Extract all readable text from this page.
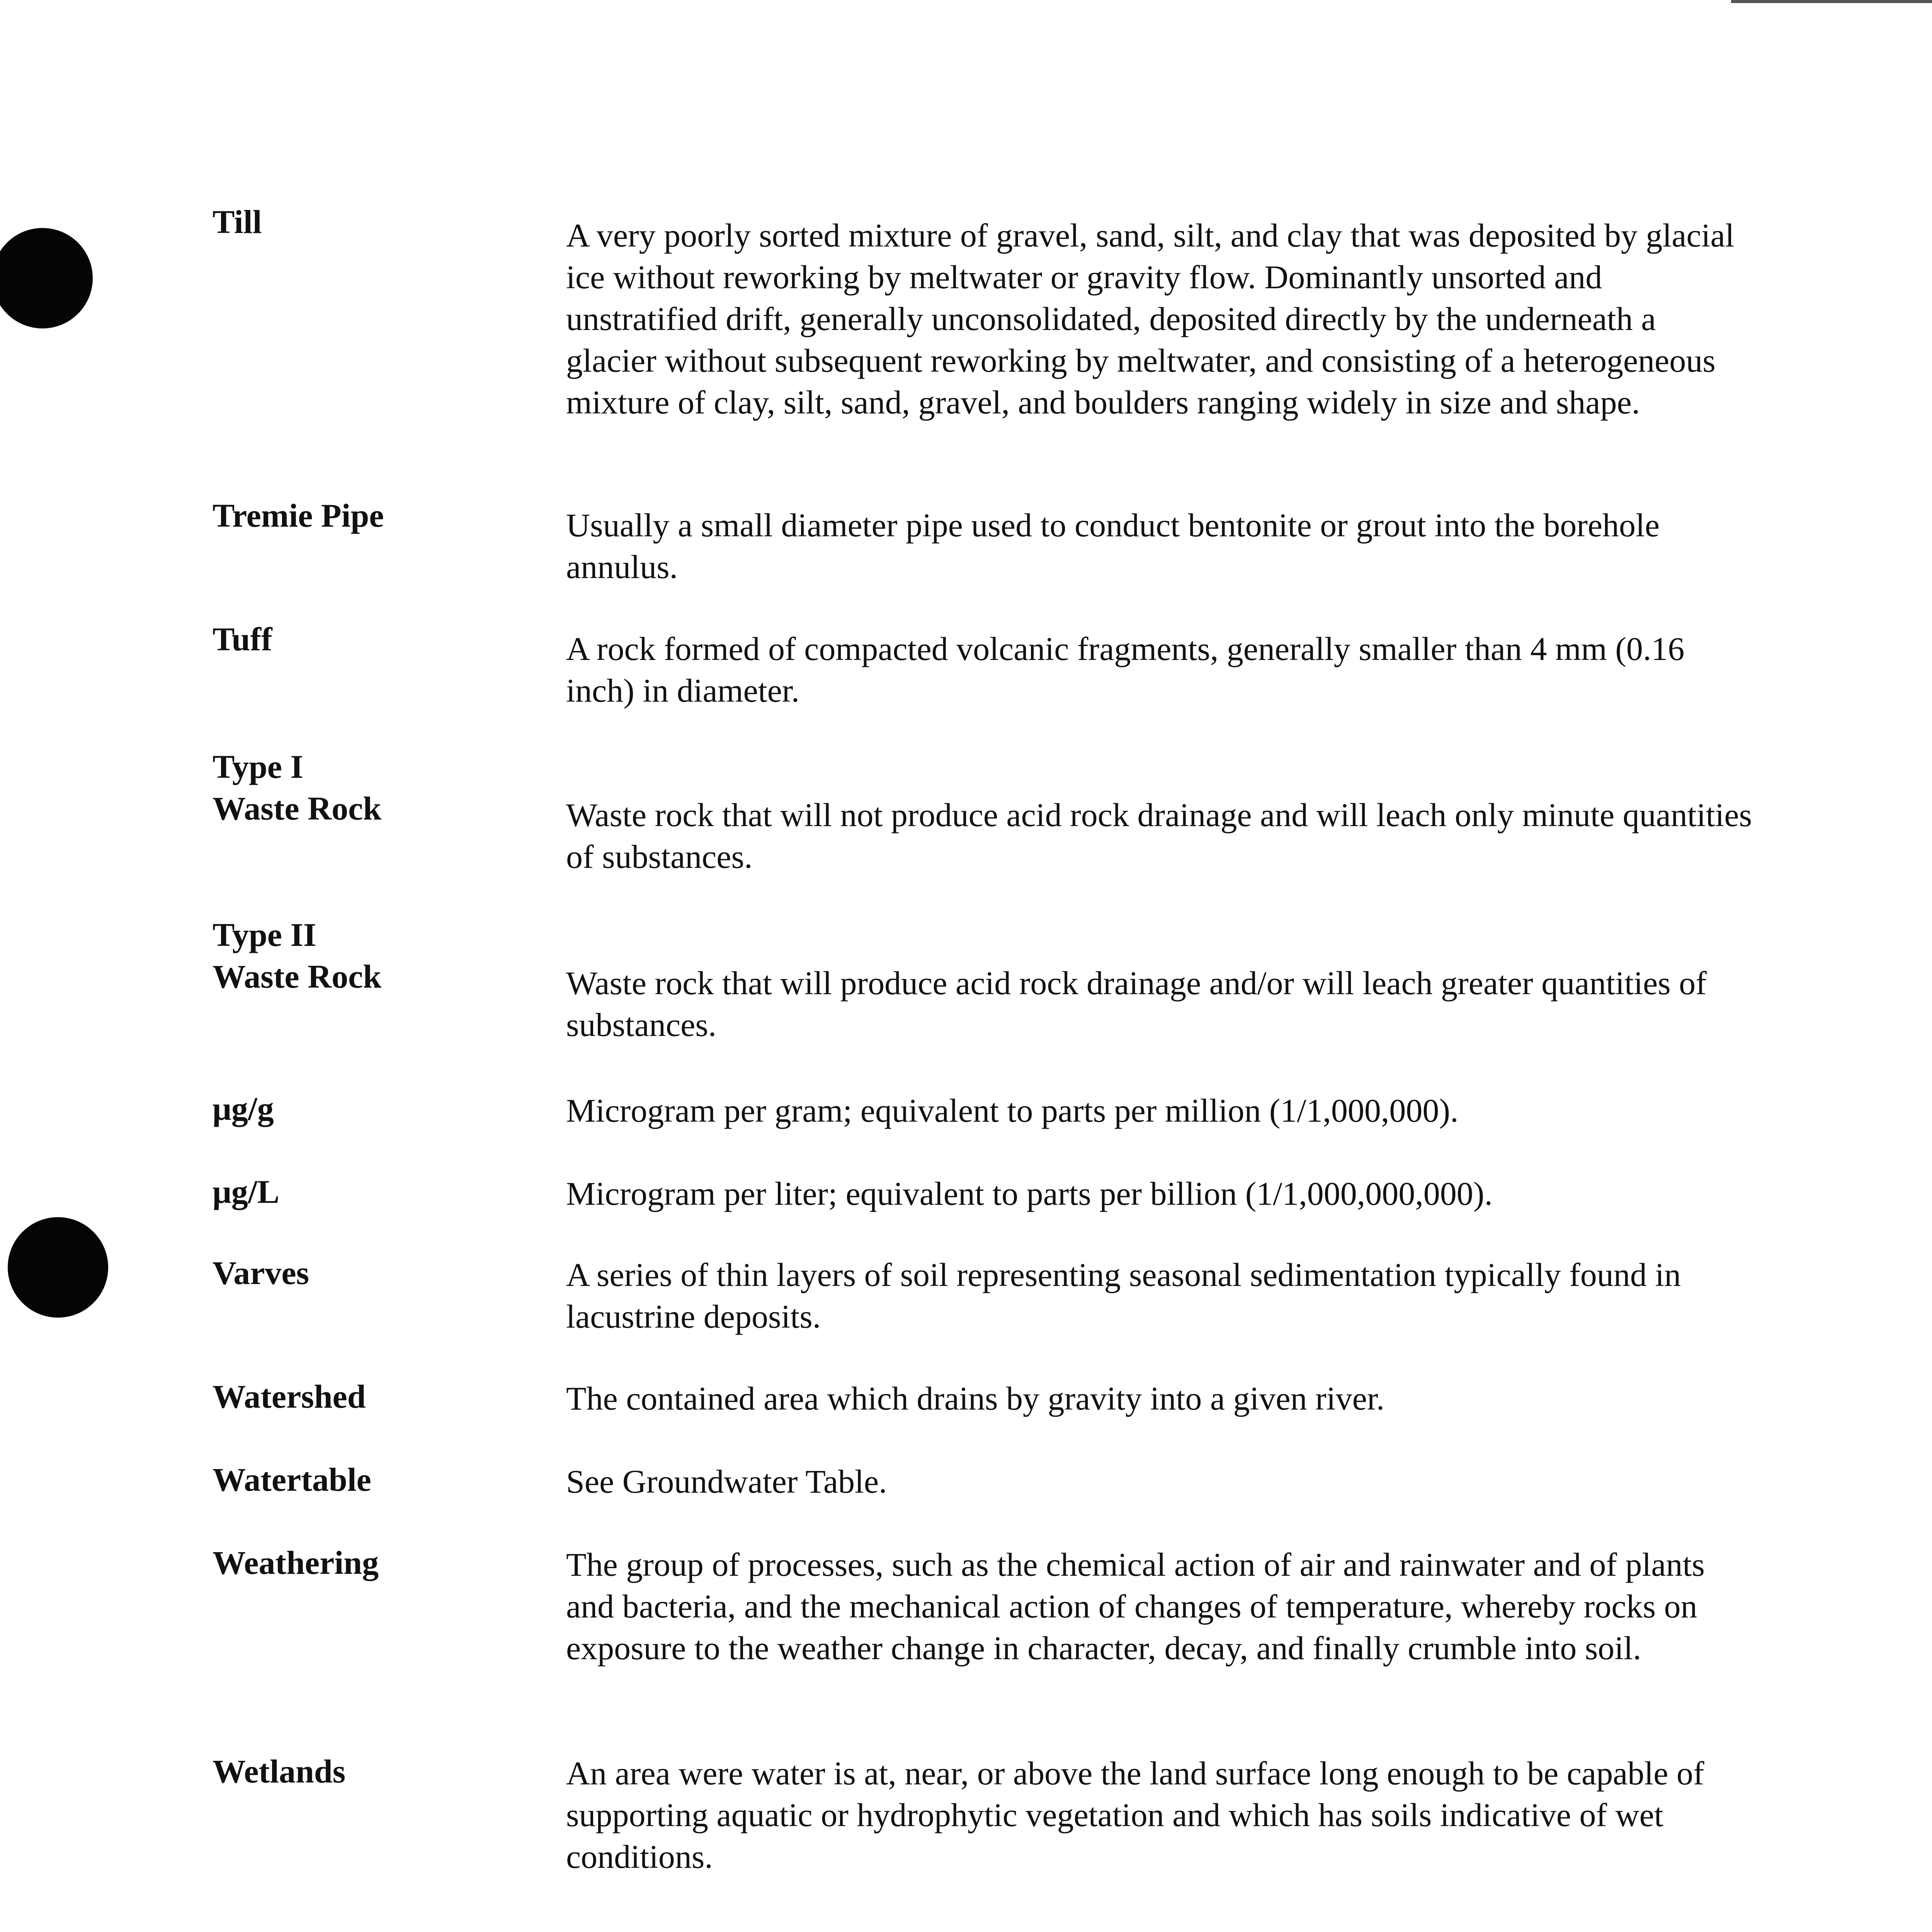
Till	A very poorly sorted mixture of gravel, sand, silt, and clay that was deposited by glacial ice without reworking by meltwater or gravity flow. Dominantly unsorted and unstratified drift, generally unconsolidated, deposited directly by the underneath a glacier without subsequent reworking by meltwater, and consisting of a heterogeneous mixture of clay, silt, sand, gravel, and boulders ranging widely in size and shape.
Tremie Pipe	Usually a small diameter pipe used to conduct bentonite or grout into the borehole annulus.
Tuff	A rock formed of compacted volcanic fragments, generally smaller than 4 mm (0.16 inch) in diameter.
Type I
Waste Rock	Waste rock that will not produce acid rock drainage and will leach only minute quantities of substances.
Type II
Waste Rock	Waste rock that will produce acid rock drainage and/or will leach greater quantities of substances.
μg/g	Microgram per gram; equivalent to parts per million (1/1,000,000).
μg/L	Microgram per liter; equivalent to parts per billion (1/1,000,000,000).
Varves	A series of thin layers of soil representing seasonal sedimentation typically found in lacustrine deposits.
Watershed	The contained area which drains by gravity into a given river.
Watertable	See Groundwater Table.
Weathering	The group of processes, such as the chemical action of air and rainwater and of plants and bacteria, and the mechanical action of changes of temperature, whereby rocks on exposure to the weather change in character, decay, and finally crumble into soil.
Wetlands	An area were water is at, near, or above the land surface long enough to be capable of supporting aquatic or hydrophytic vegetation and which has soils indicative of wet conditions.
